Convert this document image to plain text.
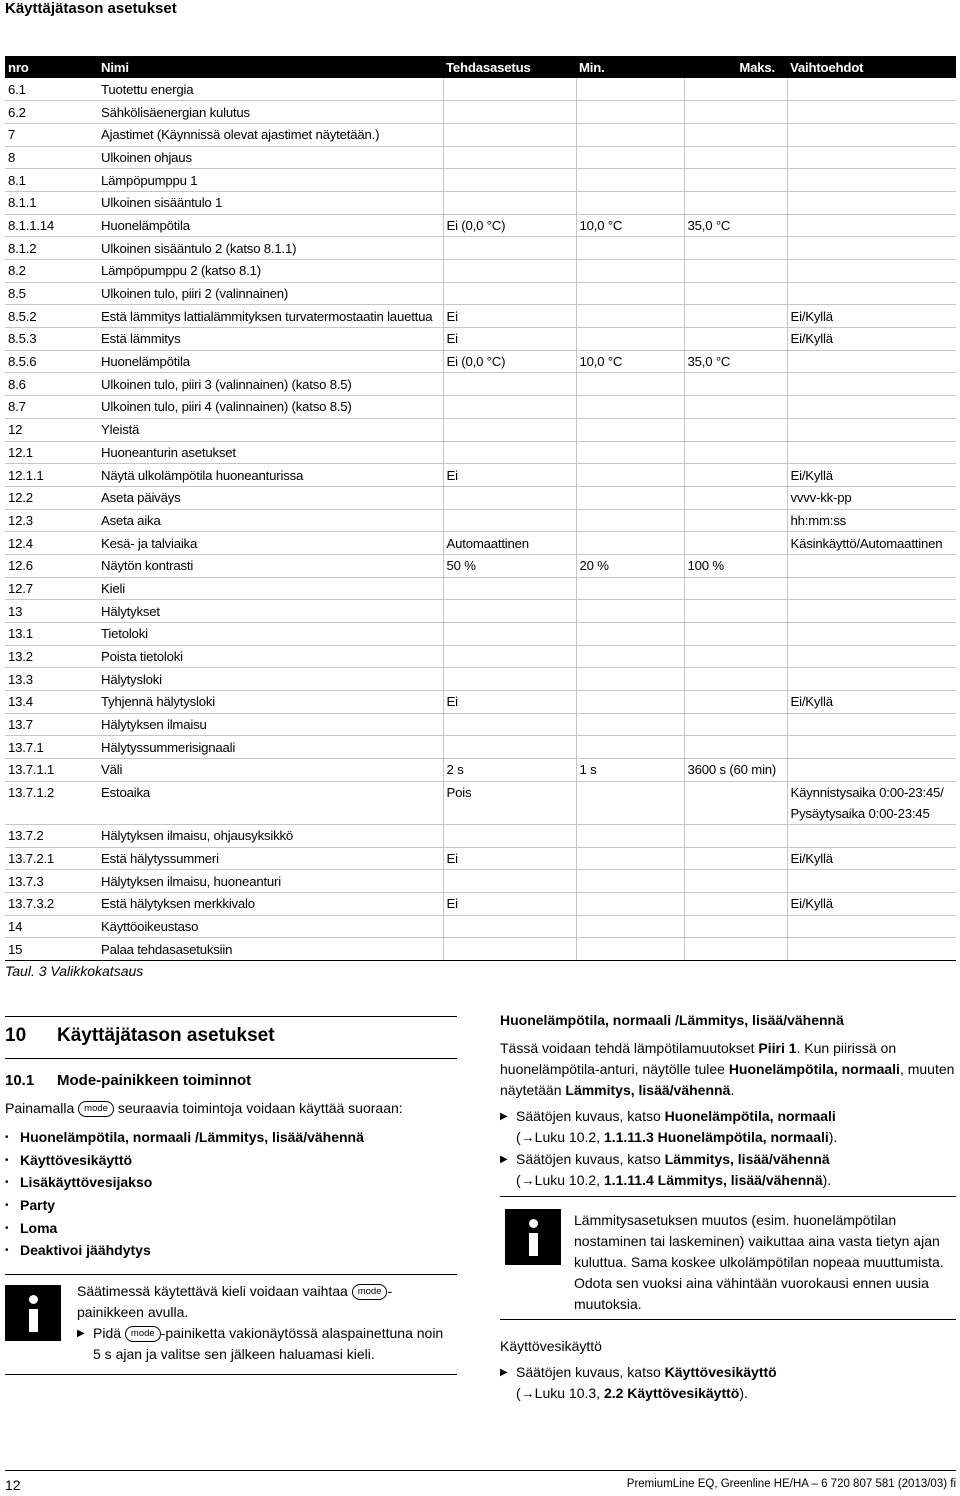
Käyttäjätason asetukset
nro	Nimi	Tehdasasetus	Min.	Maks.	Vaihtoehdot
6.1	Tuotettu energia				
6.2	Sähkölisäenergian kulutus				
7	Ajastimet (Käynnissä olevat ajastimet näytetään.)				
8	Ulkoinen ohjaus				
8.1	Lämpöpumppu 1				
8.1.1	Ulkoinen sisääntulo 1				
8.1.1.14	Huonelämpötila	Ei (0,0 °C)	10,0 °C	35,0 °C	
8.1.2	Ulkoinen sisääntulo 2 (katso 8.1.1)				
8.2	Lämpöpumppu 2 (katso 8.1)				
8.5	Ulkoinen tulo, piiri 2 (valinnainen)				
8.5.2	Estä lämmitys lattialämmityksen turvatermostaatin lauettua	Ei			Ei/Kyllä
8.5.3	Estä lämmitys	Ei			Ei/Kyllä
8.5.6	Huonelämpötila	Ei (0,0 °C)	10,0 °C	35,0 °C	
8.6	Ulkoinen tulo, piiri 3 (valinnainen) (katso 8.5)				
8.7	Ulkoinen tulo, piiri 4 (valinnainen) (katso 8.5)				
12	Yleistä				
12.1	Huoneanturin asetukset				
12.1.1	Näytä ulkolämpötila huoneanturissa	Ei			Ei/Kyllä
12.2	Aseta päiväys				vvvv-kk-pp
12.3	Aseta aika				hh:mm:ss
12.4	Kesä- ja talviaika	Automaattinen			Käsinkäyttö/Automaattinen
12.6	Näytön kontrasti	50 %	20 %	100 %	
12.7	Kieli				
13	Hälytykset				
13.1	Tietoloki				
13.2	Poista tietoloki				
13.3	Hälytysloki				
13.4	Tyhjennä hälytysloki	Ei			Ei/Kyllä
13.7	Hälytyksen ilmaisu				
13.7.1	Hälytyssummerisignaali				
13.7.1.1	Väli	2 s	1 s	3600 s (60 min)	
13.7.1.2	Estoaika	Pois			Käynnistysaika 0:00-23:45/ Pysäytysaika 0:00-23:45
13.7.2	Hälytyksen ilmaisu, ohjausyksikkö				
13.7.2.1	Estä hälytyssummeri	Ei			Ei/Kyllä
13.7.3	Hälytyksen ilmaisu, huoneanturi				
13.7.3.2	Estä hälytyksen merkkivalo	Ei			Ei/Kyllä
14	Käyttöoikeustaso				
15	Palaa tehdasasetuksiin				
Taul. 3 Valikkokatsaus
10 Käyttäjätason asetukset
10.1 Mode-painikkeen toiminnot
Painamalla mode seuraavia toimintoja voidaan käyttää suoraan:
• Huonelämpötila, normaali /Lämmitys, lisää/vähennä
• Käyttövesikäyttö
• Lisäkäyttövesijakso
• Party
• Loma
• Deaktivoi jäähdytys
Säätimessä käytettävä kieli voidaan vaihtaa mode -painikkeen avulla.
▶ Pidä mode -painiketta vakionäytössä alaspainettuna noin 5 s ajan ja valitse sen jälkeen haluamasi kieli.
Huonelämpötila, normaali /Lämmitys, lisää/vähennä
Tässä voidaan tehdä lämpötilamuutokset Piiri 1. Kun piirissä on huonelämpötila-anturi, näytölle tulee Huonelämpötila, normaali, muuten näytetään Lämmitys, lisää/vähennä.
▶ Säätöjen kuvaus, katso Huonelämpötila, normaali
(→Luku 10.2, 1.1.11.3 Huonelämpötila, normaali).
▶ Säätöjen kuvaus, katso Lämmitys, lisää/vähennä
(→Luku 10.2, 1.1.11.4 Lämmitys, lisää/vähennä).
Lämmitysasetuksen muutos (esim. huonelämpötilan nostaminen tai laskeminen) vaikuttaa aina vasta tietyn ajan kuluttua. Sama koskee ulkolämpötilan nopeaa muuttumista. Odota sen vuoksi aina vähintään vuorokausi ennen uusia muutoksia.
Käyttövesikäyttö
▶ Säätöjen kuvaus, katso Käyttövesikäyttö
(→Luku 10.3, 2.2 Käyttövesikäyttö).
12	PremiumLine EQ, Greenline HE/HA – 6 720 807 581 (2013/03) fi
